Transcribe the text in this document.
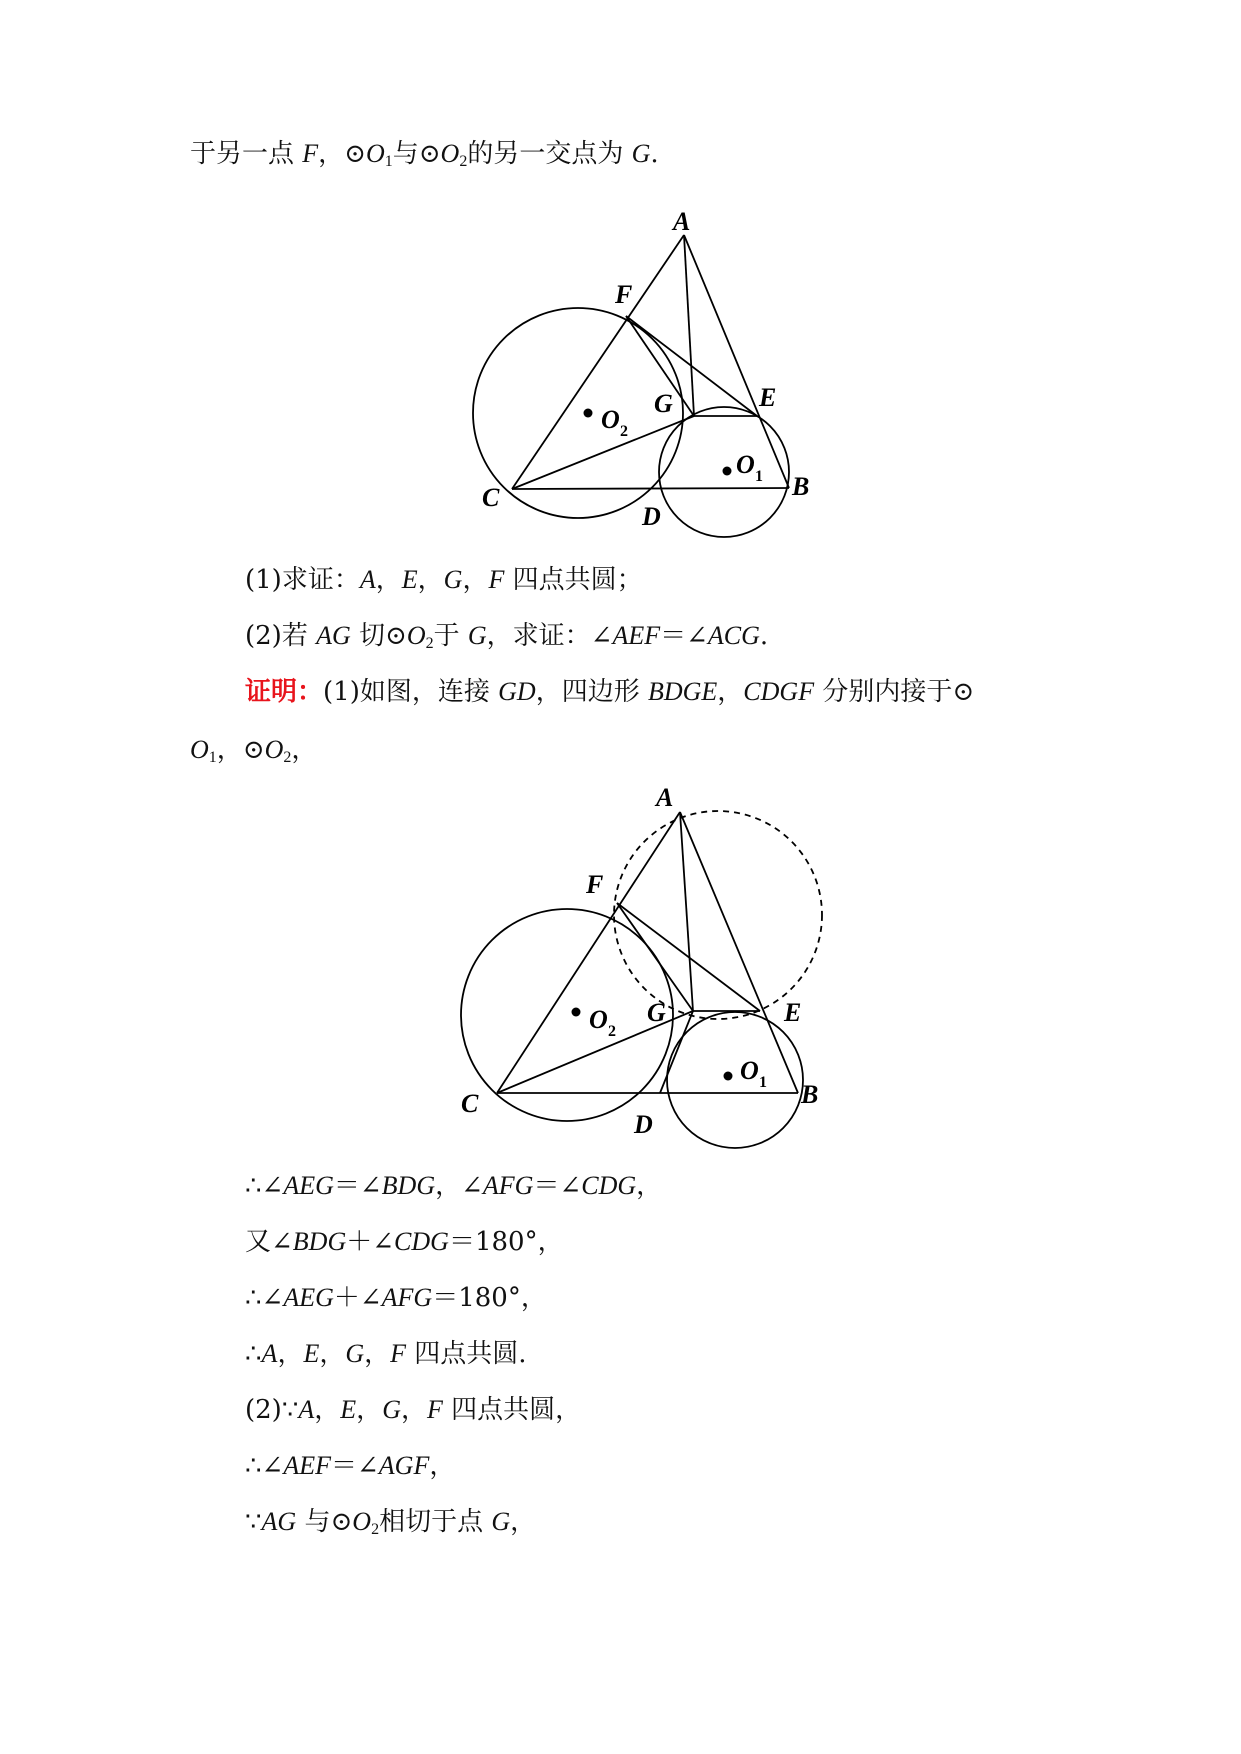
于另一点 F，$⊙O_1$与$⊙O_2$的另一交点为 G.
A
F
G	E
O 2
O 1
C
D
B
(1)求证：A，E，G，F 四点共圆；
(2)若 AG 切$⊙O_2$于 G，求证：∠AEF＝∠ACG.
证明：(1)如图，连接 GD，四边形 BDGE，CDGF 分别内接于⊙
$O_1$，$⊙O_2$，
A
F
G	E
O 2
O 1
C
D
B
∴∠AEG＝∠BDG，∠AFG＝∠CDG，
又∠BDG＋∠CDG＝180°，
∴∠AEG＋∠AFG＝180°，
∴A，E，G，F 四点共圆.
(2)∵A，E，G，F 四点共圆，
∴∠AEF＝∠AGF，
∵AG 与$⊙O_2$相切于点 G，
